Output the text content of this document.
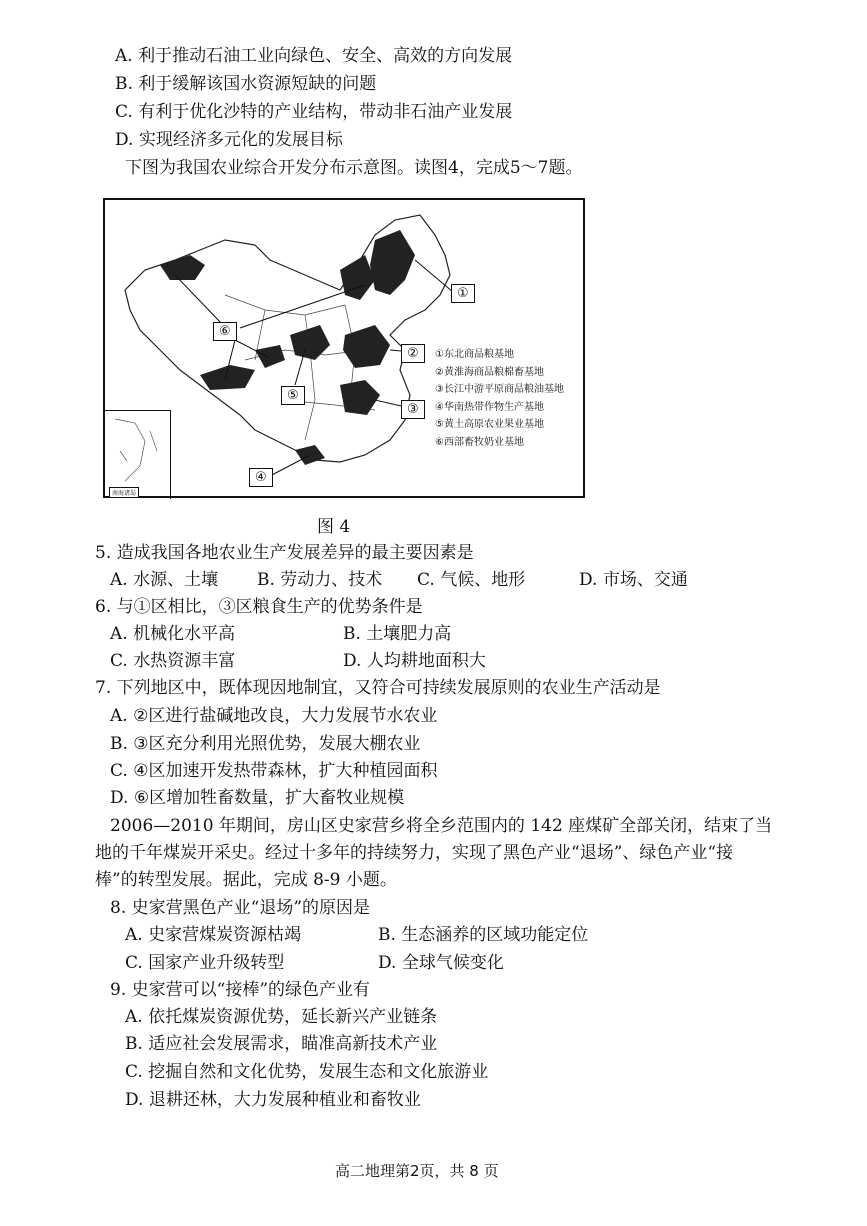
A. 利于推动石油工业向绿色、安全、高效的方向发展
B. 利于缓解该国水资源短缺的问题
C. 有利于优化沙特的产业结构，带动非石油产业发展
D. 实现经济多元化的发展目标
下图为我国农业综合开发分布示意图。读图4，完成5～7题。
①
②
③
④
⑤
⑥
①东北商品粮基地
②黄淮海商品粮棉畜基地
③长江中游平原商品粮油基地
④华南热带作物生产基地
⑤黄土高原农业果业基地
⑥西部畜牧奶业基地
南海诸岛
图 4
5. 造成我国各地农业生产发展差异的最主要因素是
A. 水源、土壤 B. 劳动力、技术 C. 气候、地形	D. 市场、交通
6. 与①区相比，③区粮食生产的优势条件是
A. 机械化水平高	B. 土壤肥力高
C. 水热资源丰富	D. 人均耕地面积大
7. 下列地区中，既体现因地制宜，又符合可持续发展原则的农业生产活动是
A. ②区进行盐碱地改良，大力发展节水农业
B. ③区充分利用光照优势，发展大棚农业
C. ④区加速开发热带森林，扩大种植园面积
D. ⑥区增加牲畜数量，扩大畜牧业规模
2006—2010 年期间，房山区史家营乡将全乡范围内的 142 座煤矿全部关闭，结束了当
地的千年煤炭开采史。经过十多年的持续努力，实现了黑色产业“退场”、绿色产业“接
棒”的转型发展。据此，完成 8-9 小题。
8. 史家营黑色产业“退场”的原因是
A. 史家营煤炭资源枯竭	B. 生态涵养的区域功能定位
C. 国家产业升级转型	D. 全球气候变化
9. 史家营可以“接棒”的绿色产业有
A. 依托煤炭资源优势，延长新兴产业链条
B. 适应社会发展需求，瞄准高新技术产业
C. 挖掘自然和文化优势，发展生态和文化旅游业
D. 退耕还林，大力发展种植业和畜牧业
高二地理第2页，共 8 页
